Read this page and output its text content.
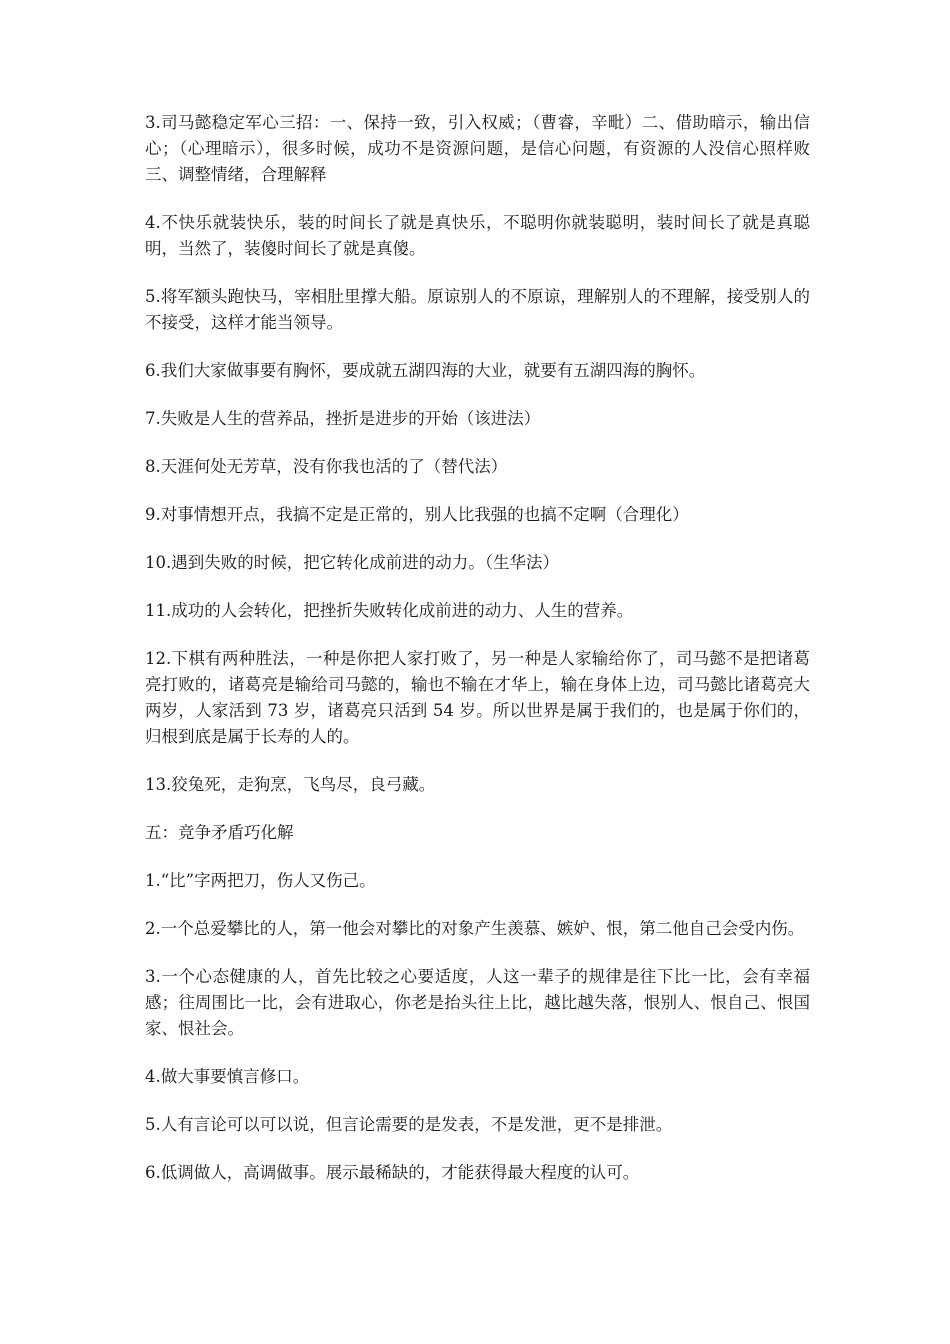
3.司马懿稳定军心三招：一、保持一致，引入权威；（曹睿，辛毗）二、借助暗示，输出信心；（心理暗示），很多时候，成功不是资源问题，是信心问题，有资源的人没信心照样败三、调整情绪，合理解释

4.不快乐就装快乐，装的时间长了就是真快乐，不聪明你就装聪明，装时间长了就是真聪明，当然了，装傻时间长了就是真傻。

5.将军额头跑快马，宰相肚里撑大船。原谅别人的不原谅，理解别人的不理解，接受别人的不接受，这样才能当领导。

6.我们大家做事要有胸怀，要成就五湖四海的大业，就要有五湖四海的胸怀。

7.失败是人生的营养品，挫折是进步的开始（该进法）

8.天涯何处无芳草，没有你我也活的了（替代法）

9.对事情想开点，我搞不定是正常的，别人比我强的也搞不定啊（合理化）

10.遇到失败的时候，把它转化成前进的动力。（生华法）

11.成功的人会转化，把挫折失败转化成前进的动力、人生的营养。

12.下棋有两种胜法，一种是你把人家打败了，另一种是人家输给你了，司马懿不是把诸葛亮打败的，诸葛亮是输给司马懿的，输也不输在才华上，输在身体上边，司马懿比诸葛亮大两岁，人家活到 73 岁，诸葛亮只活到 54 岁。所以世界是属于我们的，也是属于你们的，归根到底是属于长寿的人的。

13.狡兔死，走狗烹，飞鸟尽，良弓藏。

五：竞争矛盾巧化解

1.“比”字两把刀，伤人又伤己。

2.一个总爱攀比的人，第一他会对攀比的对象产生羡慕、嫉妒、恨，第二他自己会受内伤。

3.一个心态健康的人，首先比较之心要适度，人这一辈子的规律是往下比一比，会有幸福感；往周围比一比，会有进取心，你老是抬头往上比，越比越失落，恨别人、恨自己、恨国家、恨社会。

4.做大事要慎言修口。

5.人有言论可以可以说，但言论需要的是发表，不是发泄，更不是排泄。

6.低调做人，高调做事。展示最稀缺的，才能获得最大程度的认可。
